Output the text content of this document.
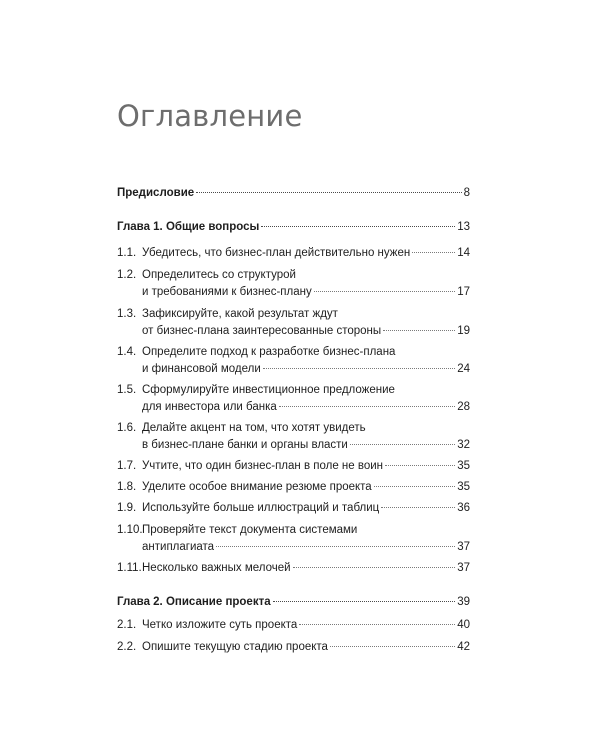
Оглавление
Предисловие	8
Глава 1. Общие вопросы	13
1.1. Убедитесь, что бизнес-план действительно нужен	14
1.2. Определитесь со структурой
и требованиями к бизнес-плану	17
1.3. Зафиксируйте, какой результат ждут
от бизнес-плана заинтересованные стороны	19
1.4. Определите подход к разработке бизнес-плана
и финансовой модели	24
1.5. Сформулируйте инвестиционное предложение
для инвестора или банка	28
1.6. Делайте акцент на том, что хотят увидеть
в бизнес-плане банки и органы власти	32
1.7. Учтите, что один бизнес-план в поле не воин	35
1.8. Уделите особое внимание резюме проекта	35
1.9. Используйте больше иллюстраций и таблиц	36
1.10. Проверяйте текст документа системами
антиплагиата	37
1.11. Несколько важных мелочей	37
Глава 2. Описание проекта	39
2.1. Четко изложите суть проекта	40
2.2. Опишите текущую стадию проекта	42
